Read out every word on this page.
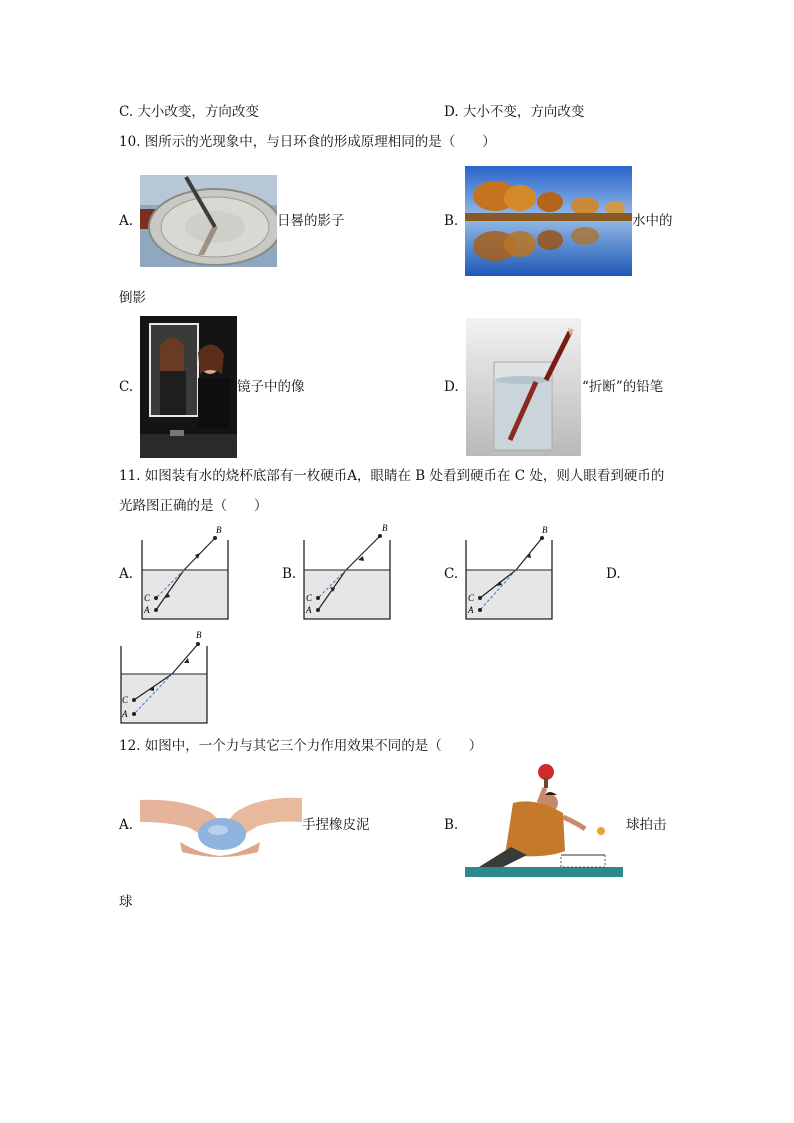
C. 大小改变，方向改变	D. 大小不变，方向改变
10. 图所示的光现象中，与日环食的形成原理相同的是（　　）
A.	日晷的影子	B.	水中的
倒影
C.	镜子中的像	D.	“折断”的铅笔
11. 如图装有水的烧杯底部有一枚硬币A，眼睛在 B 处看到硬币在 C 处，则人眼看到硬币的
光路图正确的是（　　）
A.
B
C
A
B.
B
C
A
C.
B
C
A
D.
B
C
A
12. 如图中，一个力与其它三个力作用效果不同的是（　　）
A.	手捏橡皮泥	B.	球拍击
球
